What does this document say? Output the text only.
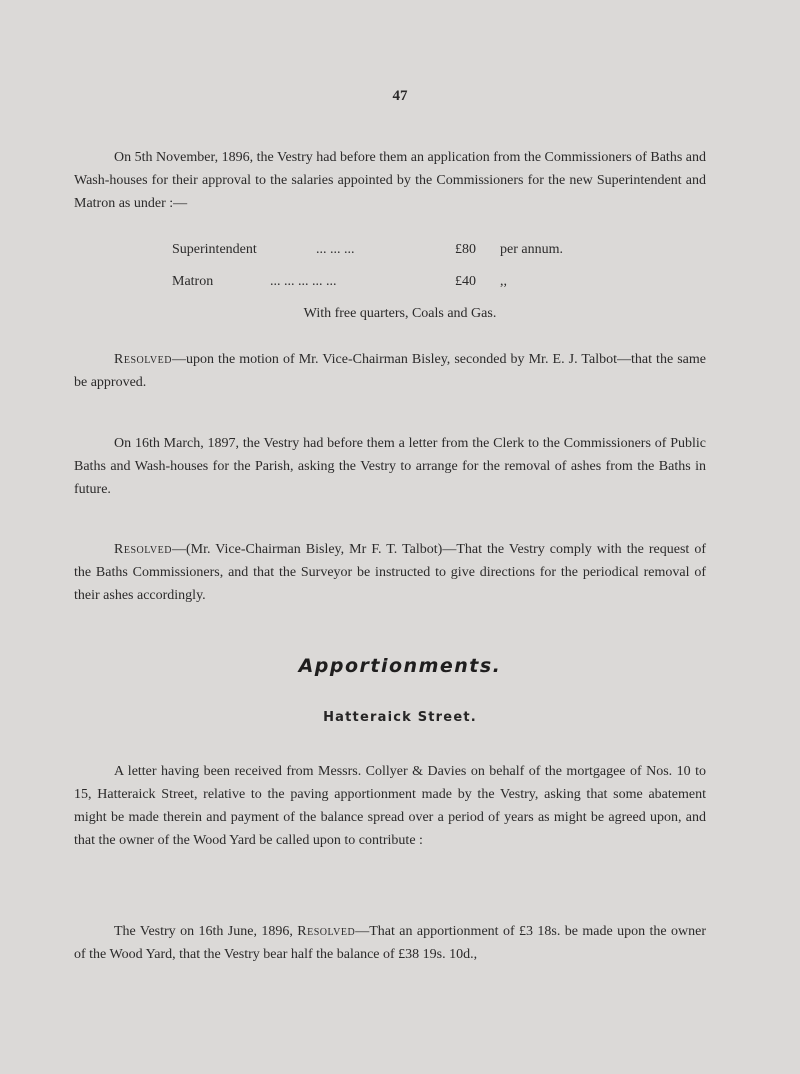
47

On 5th November, 1896, the Vestry had before them an application from the Commissioners of Baths and Wash-houses for their approval to the salaries appointed by the Commissioners for the new Superintendent and Matron as under :—

Superintendent	... ... ...	£80 per annum.
Matron	... ... ... ... ...	£40 ,,
With free quarters, Coals and Gas.

Resolved—upon the motion of Mr. Vice-Chairman Bisley, seconded by Mr. E. J. Talbot—that the same be approved.

On 16th March, 1897, the Vestry had before them a letter from the Clerk to the Commissioners of Public Baths and Wash-houses for the Parish, asking the Vestry to arrange for the removal of ashes from the Baths in future.

Resolved—(Mr. Vice-Chairman Bisley, Mr F. T. Talbot)—That the Vestry comply with the request of the Baths Commissioners, and that the Surveyor be instructed to give directions for the periodical removal of their ashes accordingly.

Apportionments.
Hatteraick Street.

A letter having been received from Messrs. Collyer & Davies on behalf of the mortgagee of Nos. 10 to 15, Hatteraick Street, relative to the paving apportionment made by the Vestry, asking that some abatement might be made therein and payment of the balance spread over a period of years as might be agreed upon, and that the owner of the Wood Yard be called upon to contribute :

The Vestry on 16th June, 1896, Resolved—That an apportionment of £3 18s. be made upon the owner of the Wood Yard, that the Vestry bear half the balance of £38 19s. 10d.,
